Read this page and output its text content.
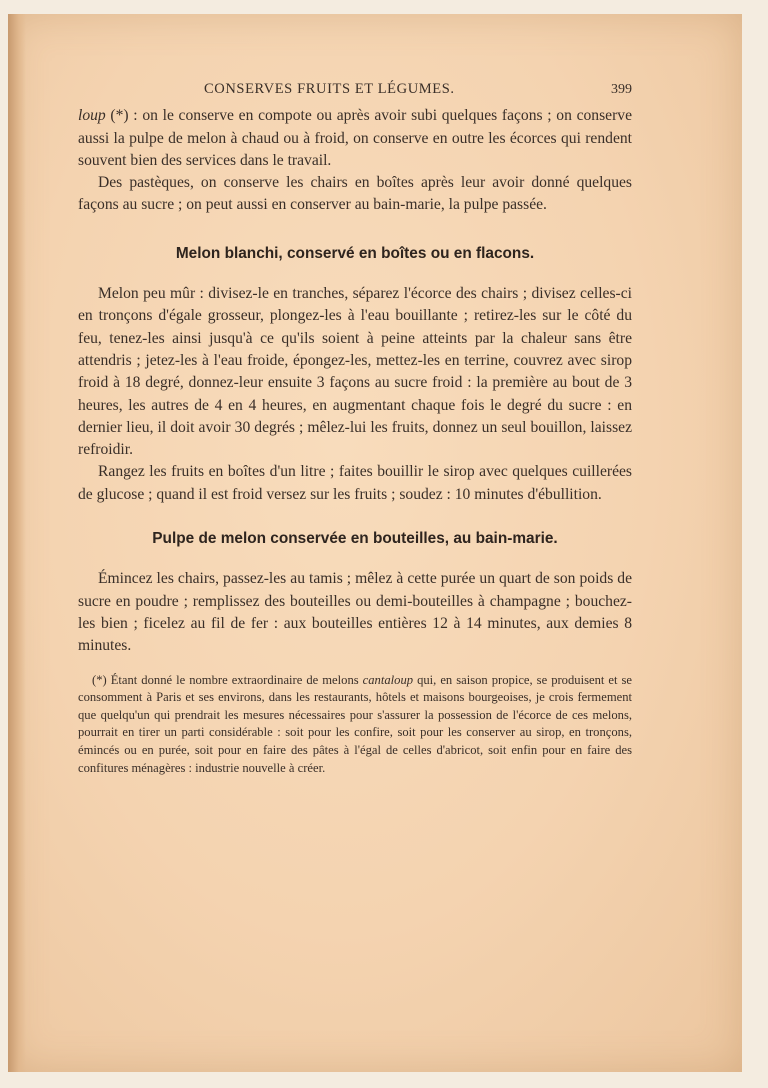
CONSERVES FRUITS ET LÉGUMES.	399

loup (*) : on le conserve en compote ou après avoir subi quelques façons ; on conserve aussi la pulpe de melon à chaud ou à froid, on conserve en outre les écorces qui rendent souvent bien des services dans le travail.

Des pastèques, on conserve les chairs en boîtes après leur avoir donné quelques façons au sucre ; on peut aussi en conserver au bain-marie, la pulpe passée.

Melon blanchi, conservé en boîtes ou en flacons.

Melon peu mûr : divisez-le en tranches, séparez l'écorce des chairs ; divisez celles-ci en tronçons d'égale grosseur, plongez-les à l'eau bouillante ; retirez-les sur le côté du feu, tenez-les ainsi jusqu'à ce qu'ils soient à peine atteints par la chaleur sans être attendris ; jetez-les à l'eau froide, épongez-les, mettez-les en terrine, couvrez avec sirop froid à 18 degré, donnez-leur ensuite 3 façons au sucre froid : la première au bout de 3 heures, les autres de 4 en 4 heures, en augmentant chaque fois le degré du sucre : en dernier lieu, il doit avoir 30 degrés ; mêlez-lui les fruits, donnez un seul bouillon, laissez refroidir.

Rangez les fruits en boîtes d'un litre ; faites bouillir le sirop avec quelques cuillerées de glucose ; quand il est froid versez sur les fruits ; soudez : 10 minutes d'ébullition.

Pulpe de melon conservée en bouteilles, au bain-marie.

Émincez les chairs, passez-les au tamis ; mêlez à cette purée un quart de son poids de sucre en poudre ; remplissez des bouteilles ou demi-bouteilles à champagne ; bouchez-les bien ; ficelez au fil de fer : aux bouteilles entières 12 à 14 minutes, aux demies 8 minutes.

(*) Étant donné le nombre extraordinaire de melons cantaloup qui, en saison propice, se produisent et se consomment à Paris et ses environs, dans les restaurants, hôtels et maisons bourgeoises, je crois fermement que quelqu'un qui prendrait les mesures nécessaires pour s'assurer la possession de l'écorce de ces melons, pourrait en tirer un parti considérable : soit pour les confire, soit pour les conserver au sirop, en tronçons, émincés ou en purée, soit pour en faire des pâtes à l'égal de celles d'abricot, soit enfin pour en faire des confitures ménagères : industrie nouvelle à créer.
